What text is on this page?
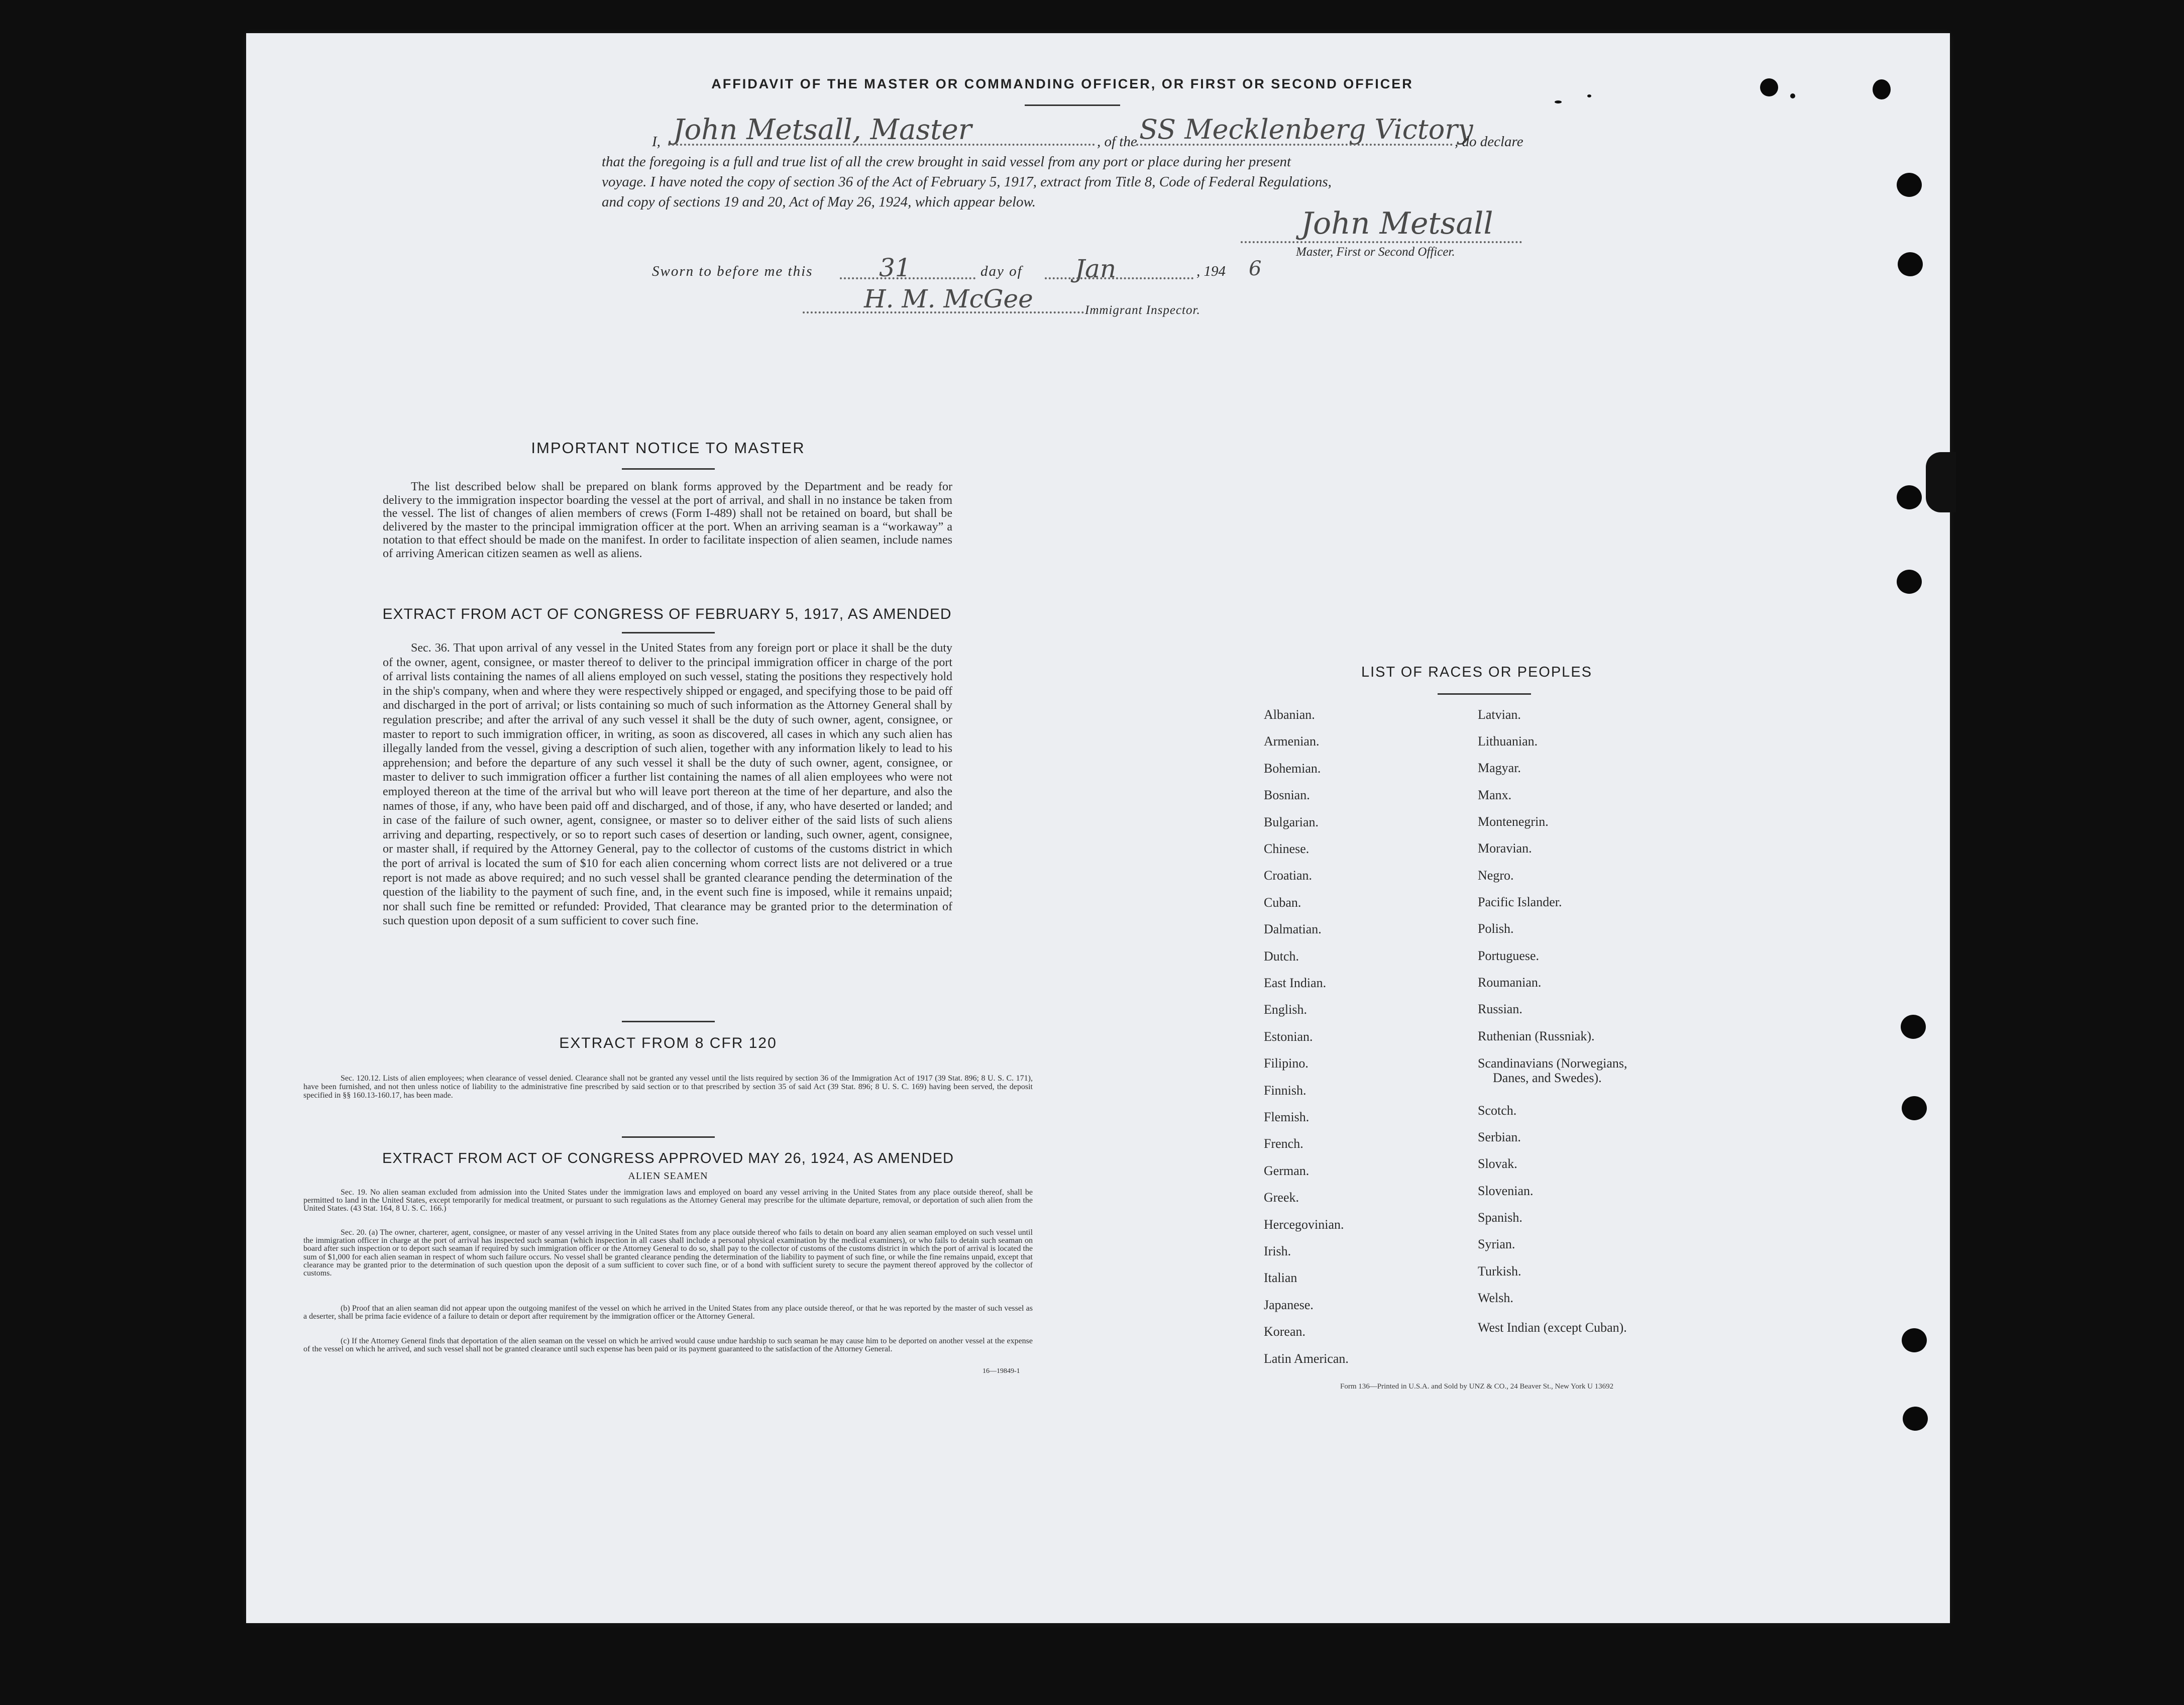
AFFIDAVIT OF THE MASTER OR COMMANDING OFFICER, OR FIRST OR SECOND OFFICER
I, John Metsall, Master	, of the SS Mecklenberg Victory
, do declare
that the foregoing is a full and true list of all the crew brought in said vessel from any port or place during her present
voyage. I have noted the copy of section 36 of the Act of February 5, 1917, extract from Title 8, Code of Federal Regulations,
and copy of sections 19 and 20, Act of May 26, 1924, which appear below.
John Metsall
Master, First or Second Officer.
Sworn to before me this	31	day of Jan	, 194 6
H. M. McGee	Immigrant Inspector.
IMPORTANT NOTICE TO MASTER
The list described below shall be prepared on blank forms approved by the Department and be ready for delivery to the immigration inspector boarding the vessel at the port of arrival, and shall in no instance be taken from the vessel. The list of changes of alien members of crews (Form I-489) shall not be retained on board, but shall be delivered by the master to the principal immigration officer at the port. When an arriving seaman is a “workaway” a notation to that effect should be made on the manifest. In order to facilitate inspection of alien seamen, include names of arriving American citizen seamen as well as aliens.
EXTRACT FROM ACT OF CONGRESS OF FEBRUARY 5, 1917, AS AMENDED
Sec. 36. That upon arrival of any vessel in the United States from any foreign port or place it shall be the duty of the owner, agent, consignee, or master thereof to deliver to the principal immigration officer in charge of the port of arrival lists containing the names of all aliens employed on such vessel, stating the positions they respectively hold in the ship's company, when and where they were respectively shipped or engaged, and specifying those to be paid off and discharged in the port of arrival; or lists containing so much of such information as the Attorney General shall by regulation prescribe; and after the arrival of any such vessel it shall be the duty of such owner, agent, consignee, or master to report to such immigration officer, in writing, as soon as discovered, all cases in which any such alien has illegally landed from the vessel, giving a description of such alien, together with any information likely to lead to his apprehension; and before the departure of any such vessel it shall be the duty of such owner, agent, consignee, or master to deliver to such immigration officer a further list containing the names of all alien employees who were not employed thereon at the time of the arrival but who will leave port thereon at the time of her departure, and also the names of those, if any, who have been paid off and discharged, and of those, if any, who have deserted or landed; and in case of the failure of such owner, agent, consignee, or master so to deliver either of the said lists of such aliens arriving and departing, respectively, or so to report such cases of desertion or landing, such owner, agent, consignee, or master shall, if required by the Attorney General, pay to the collector of customs of the customs district in which the port of arrival is located the sum of $10 for each alien concerning whom correct lists are not delivered or a true report is not made as above required; and no such vessel shall be granted clearance pending the determination of the question of the liability to the payment of such fine, and, in the event such fine is imposed, while it remains unpaid; nor shall such fine be remitted or refunded: Provided, That clearance may be granted prior to the determination of such question upon deposit of a sum sufficient to cover such fine.
EXTRACT FROM 8 CFR 120
Sec. 120.12. Lists of alien employees; when clearance of vessel denied. Clearance shall not be granted any vessel until the lists required by section 36 of the Immigration Act of 1917 (39 Stat. 896; 8 U. S. C. 171), have been furnished, and not then unless notice of liability to the administrative fine prescribed by said section or to that prescribed by section 35 of said Act (39 Stat. 896; 8 U. S. C. 169) having been served, the deposit specified in §§ 160.13-160.17, has been made.
EXTRACT FROM ACT OF CONGRESS APPROVED MAY 26, 1924, AS AMENDED
ALIEN SEAMEN
Sec. 19. No alien seaman excluded from admission into the United States under the immigration laws and employed on board any vessel arriving in the United States from any place outside thereof, shall be permitted to land in the United States, except temporarily for medical treatment, or pursuant to such regulations as the Attorney General may prescribe for the ultimate departure, removal, or deportation of such alien from the United States. (43 Stat. 164, 8 U. S. C. 166.)
Sec. 20. (a) The owner, charterer, agent, consignee, or master of any vessel arriving in the United States from any place outside thereof who fails to detain on board any alien seaman employed on such vessel until the immigration officer in charge at the port of arrival has inspected such seaman (which inspection in all cases shall include a personal physical examination by the medical examiners), or who fails to detain such seaman on board after such inspection or to deport such seaman if required by such immigration officer or the Attorney General to do so, shall pay to the collector of customs of the customs district in which the port of arrival is located the sum of $1,000 for each alien seaman in respect of whom such failure occurs. No vessel shall be granted clearance pending the determination of the liability to payment of such fine, or while the fine remains unpaid, except that clearance may be granted prior to the determination of such question upon the deposit of a sum sufficient to cover such fine, or of a bond with sufficient surety to secure the payment thereof approved by the collector of customs.
(b) Proof that an alien seaman did not appear upon the outgoing manifest of the vessel on which he arrived in the United States from any place outside thereof, or that he was reported by the master of such vessel as a deserter, shall be prima facie evidence of a failure to detain or deport after requirement by the immigration officer or the Attorney General.
(c) If the Attorney General finds that deportation of the alien seaman on the vessel on which he arrived would cause undue hardship to such seaman he may cause him to be deported on another vessel at the expense of the vessel on which he arrived, and such vessel shall not be granted clearance until such expense has been paid or its payment guaranteed to the satisfaction of the Attorney General.
16—19849-1
LIST OF RACES OR PEOPLES
Albanian.
Armenian.
Bohemian.
Bosnian.
Bulgarian.
Chinese.
Croatian.
Cuban.
Dalmatian.
Dutch.
East Indian.
English.
Estonian.
Filipino.
Finnish.
Flemish.
French.
German.
Greek.
Hercegovinian.
Irish.
Italian
Japanese.
Korean.
Latin American.
Latvian.
Lithuanian.
Magyar.
Manx.
Montenegrin.
Moravian.
Negro.
Pacific Islander.
Polish.
Portuguese.
Roumanian.
Russian.
Ruthenian (Russniak).
Scandinavians (Norwegians,
Danes, and Swedes).
Scotch.
Serbian.
Slovak.
Slovenian.
Spanish.
Syrian.
Turkish.
Welsh.
West Indian (except Cuban).
Form 136—Printed in U.S.A. and Sold by UNZ & CO., 24 Beaver St., New York U 13692
